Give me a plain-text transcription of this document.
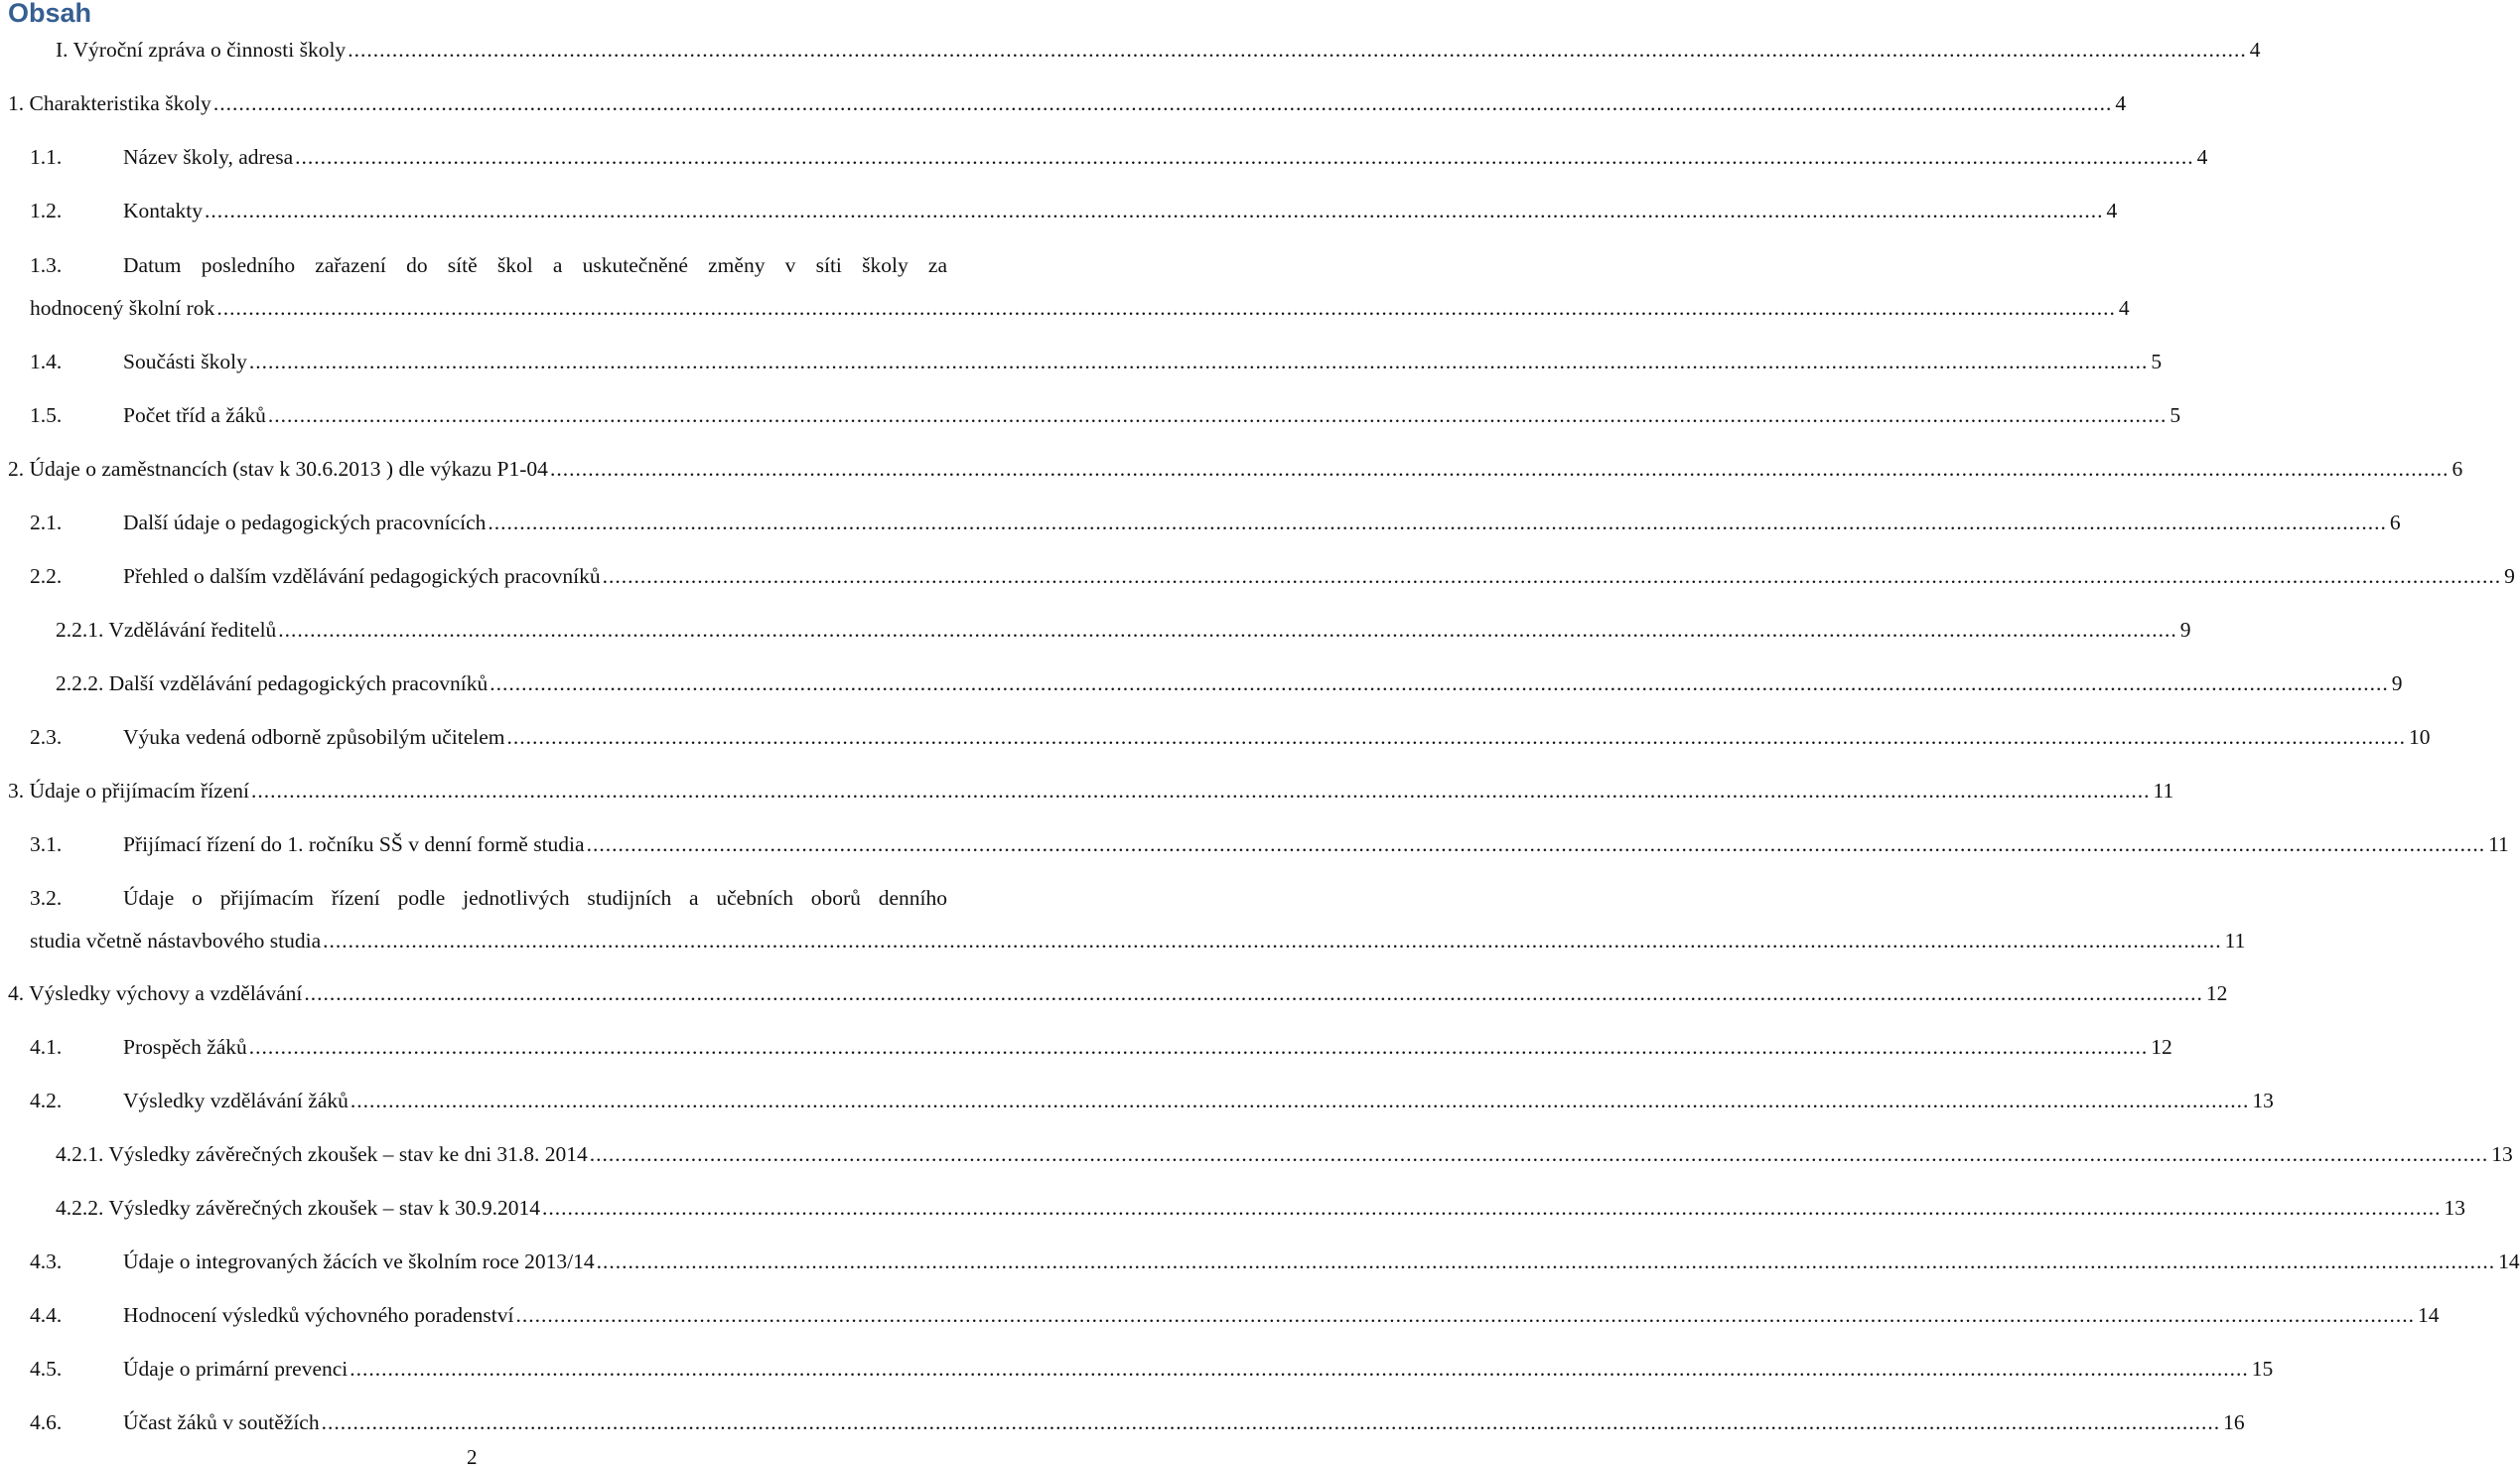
Obsah
I. Výroční zpráva o činnosti školy ............................................................................................................................................................................................................................................................................................................ 4
1. Charakteristika školy ............................................................................................................................................................................................................................................................................................................ 4
1.1.	Název školy, adresa ............................................................................................................................................................................................................................................................................................................ 4
1.2.	Kontakty ............................................................................................................................................................................................................................................................................................................ 4
1.3.	Datum posledního zařazení do sítě škol a uskutečněné změny v síti školy za
hodnocený školní rok ............................................................................................................................................................................................................................................................................................................ 4
1.4.	Součásti školy ............................................................................................................................................................................................................................................................................................................ 5
1.5.	Počet tříd a žáků ............................................................................................................................................................................................................................................................................................................ 5
2. Údaje o zaměstnancích (stav k 30.6.2013 ) dle výkazu P1-04 ............................................................................................................................................................................................................................................................................................................ 6
2.1.	Další údaje o pedagogických pracovnících ............................................................................................................................................................................................................................................................................................................ 6
2.2.	Přehled o dalším vzdělávání pedagogických pracovníků ............................................................................................................................................................................................................................................................................................................ 9
2.2.1. Vzdělávání ředitelů ............................................................................................................................................................................................................................................................................................................ 9
2.2.2. Další vzdělávání pedagogických pracovníků ............................................................................................................................................................................................................................................................................................................ 9
2.3.	Výuka vedená odborně způsobilým učitelem ............................................................................................................................................................................................................................................................................................................ 10
3. Údaje o přijímacím řízení ............................................................................................................................................................................................................................................................................................................ 11
3.1.	Přijímací řízení do 1. ročníku SŠ v denní formě studia ............................................................................................................................................................................................................................................................................................................ 11
3.2.	Údaje o přijímacím řízení podle jednotlivých studijních a učebních oborů denního
studia včetně nástavbového studia ............................................................................................................................................................................................................................................................................................................ 11
4. Výsledky výchovy a vzdělávání ............................................................................................................................................................................................................................................................................................................ 12
4.1.	Prospěch žáků ............................................................................................................................................................................................................................................................................................................ 12
4.2.	Výsledky vzdělávání žáků ............................................................................................................................................................................................................................................................................................................ 13
4.2.1. Výsledky závěrečných zkoušek – stav ke dni 31.8. 2014 ............................................................................................................................................................................................................................................................................................................ 13
4.2.2. Výsledky závěrečných zkoušek – stav k 30.9.2014 ............................................................................................................................................................................................................................................................................................................ 13
4.3.	Údaje o integrovaných žácích ve školním roce 2013/14 ............................................................................................................................................................................................................................................................................................................ 14
4.4.	Hodnocení výsledků výchovného poradenství ............................................................................................................................................................................................................................................................................................................ 14
4.5.	Údaje o primární prevenci ............................................................................................................................................................................................................................................................................................................ 15
4.6.	Účast žáků v soutěžích ............................................................................................................................................................................................................................................................................................................ 16
2
